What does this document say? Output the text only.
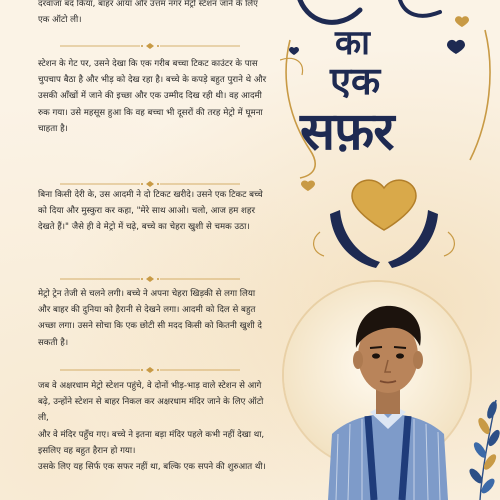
दरवाजा बंद किया, बाहर आया और उत्तम नगर मेट्रो स्टेशन जाने के लिए एक ऑटो ली।

स्टेशन के गेट पर, उसने देखा कि एक गरीब बच्चा टिकट काउंटर के पास चुपचाप बैठा है और भीड़ को देख रहा है। बच्चे के कपड़े बहुत पुराने थे और उसकी आँखों में जाने की इच्छा और एक उम्मीद दिख रही थी। वह आदमी रुक गया। उसे महसूस हुआ कि वह बच्चा भी दूसरों की तरह मेट्रो में घूमना चाहता है।

बिना किसी देरी के, उस आदमी ने दो टिकट खरीदे। उसने एक टिकट बच्चे को दिया और मुस्कुरा कर कहा, "मेरे साथ आओ। चलो, आज हम शहर देखते हैं।" जैसे ही वे मेट्रो में चढ़े, बच्चे का चेहरा खुशी से चमक उठा।

मेट्रो ट्रेन तेजी से चलने लगी। बच्चे ने अपना चेहरा खिड़की से लगा लिया और बाहर की दुनिया को हैरानी से देखने लगा। आदमी को दिल से बहुत अच्छा लगा। उसने सोचा कि एक छोटी सी मदद किसी को कितनी खुशी दे सकती है।

जब वे अक्षरधाम मेट्रो स्टेशन पहुंचे, वे दोनों भीड़-भाड़ वाले स्टेशन से आगे बढ़े, उन्होंने स्टेशन से बाहर निकल कर अक्षरधाम मंदिर जाने के लिए ऑटो ली,
और वे मंदिर पहुँच गए। बच्चे ने इतना बड़ा मंदिर पहले कभी नहीं देखा था, इसलिए वह बहुत हैरान हो गया।
उसके लिए यह सिर्फ एक सफर नहीं था, बल्कि एक सपने की शुरुआत थी।

का
एक
सफ़र
